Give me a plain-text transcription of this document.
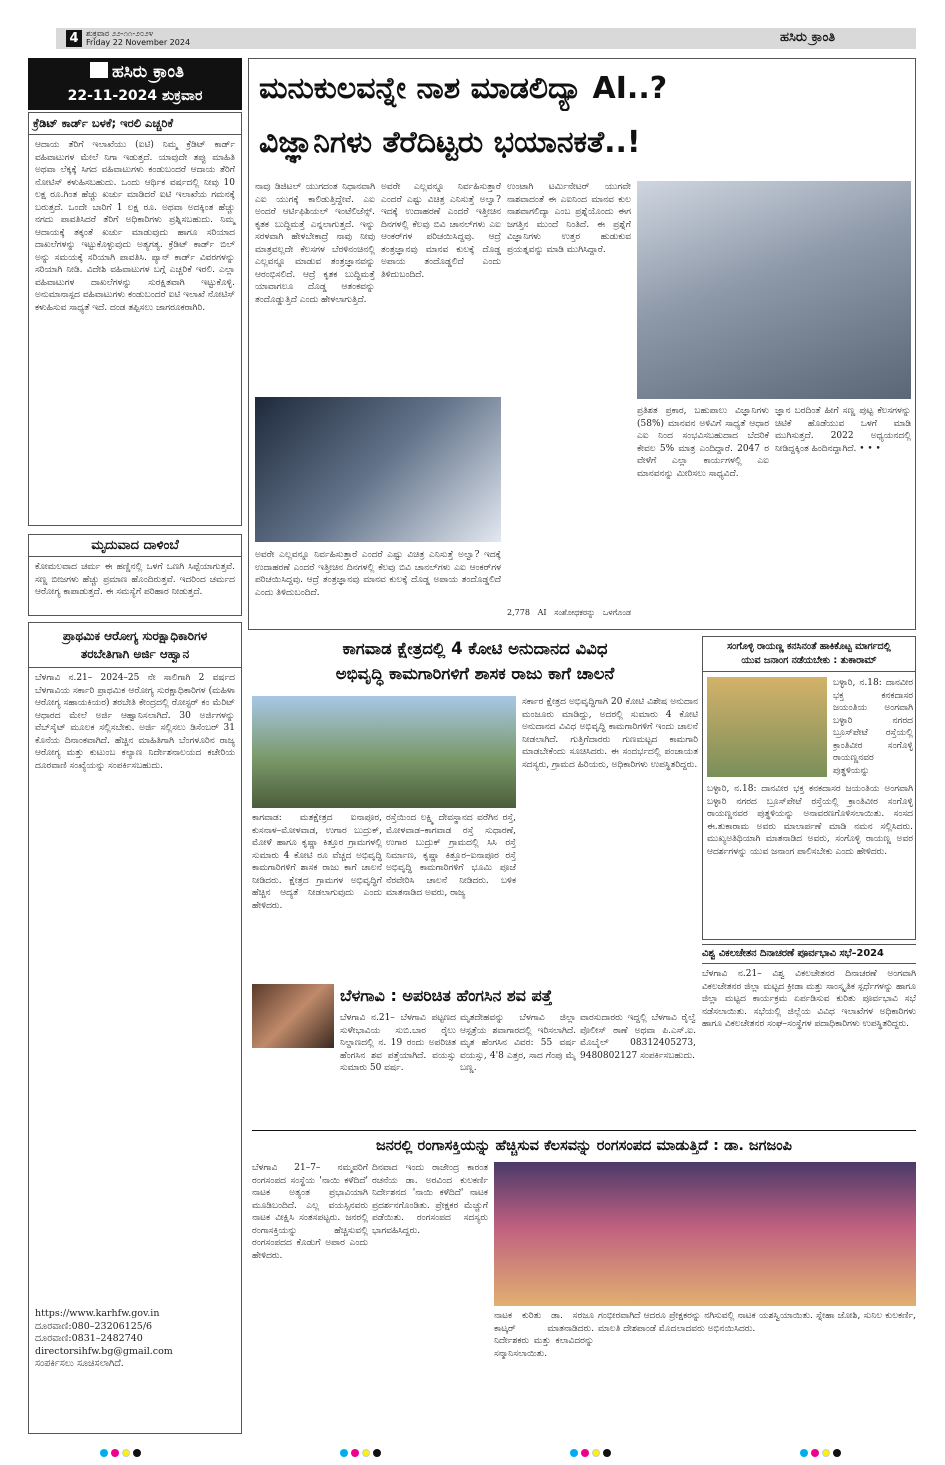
4 ಶುಕ್ರವಾರ ೨೨-೧೧-೨೦೨೪
Friday 22 November 2024	ಹಸಿರು ಕ್ರಾಂತಿ
ಹಸಿರು ಕ್ರಾಂತಿ
22-11-2024 ಶುಕ್ರವಾರ
ಕ್ರೆಡಿಟ್ ಕಾರ್ಡ್ ಬಳಕೆ; ಇರಲಿ ಎಚ್ಚರಿಕೆ
ಆದಾಯ ತೆರಿಗೆ ಇಲಾಖೆಯು (ಐಟಿ) ನಿಮ್ಮ ಕ್ರೆಡಿಟ್ ಕಾರ್ಡ್ ವಹಿವಾಟುಗಳ ಮೇಲೆ ನಿಗಾ ಇಡುತ್ತದೆ. ಯಾವುದೇ ತಪ್ಪು ಮಾಹಿತಿ ಅಥವಾ ಲೆಕ್ಕಕ್ಕೆ ಸಿಗದ ವಹಿವಾಟುಗಳು ಕಂಡುಬಂದರೆ ಆದಾಯ ತೆರಿಗೆ ನೋಟಿಸ್ ಕಳುಹಿಸಬಹುದು. ಒಂದು ಆರ್ಥಿಕ ವರ್ಷದಲ್ಲಿ ನೀವು 10 ಲಕ್ಷ ರೂ.ಗಿಂತ ಹೆಚ್ಚು ಖರ್ಚು ಮಾಡಿದರೆ ಐಟಿ ಇಲಾಖೆಯ ಗಮನಕ್ಕೆ ಬರುತ್ತದೆ. ಒಂದೇ ಬಾರಿಗೆ 1 ಲಕ್ಷ ರೂ. ಅಥವಾ ಅದಕ್ಕಿಂತ ಹೆಚ್ಚು ನಗದು ಪಾವತಿಸಿದರೆ ತೆರಿಗೆ ಅಧಿಕಾರಿಗಳು ಪ್ರಶ್ನಿಸಬಹುದು. ನಿಮ್ಮ ಆದಾಯಕ್ಕೆ ತಕ್ಕಂತೆ ಖರ್ಚು ಮಾಡುವುದು ಹಾಗೂ ಸರಿಯಾದ ದಾಖಲೆಗಳನ್ನು ಇಟ್ಟುಕೊಳ್ಳುವುದು ಅತ್ಯಗತ್ಯ. ಕ್ರೆಡಿಟ್ ಕಾರ್ಡ್ ಬಿಲ್ ಅನ್ನು ಸಮಯಕ್ಕೆ ಸರಿಯಾಗಿ ಪಾವತಿಸಿ. ಪ್ಯಾನ್ ಕಾರ್ಡ್ ವಿವರಗಳನ್ನು ಸರಿಯಾಗಿ ನೀಡಿ. ವಿದೇಶಿ ವಹಿವಾಟುಗಳ ಬಗ್ಗೆ ಎಚ್ಚರಿಕೆ ಇರಲಿ. ಎಲ್ಲಾ ವಹಿವಾಟುಗಳ ದಾಖಲೆಗಳನ್ನು ಸುರಕ್ಷಿತವಾಗಿ ಇಟ್ಟುಕೊಳ್ಳಿ. ಅನುಮಾನಾಸ್ಪದ ವಹಿವಾಟುಗಳು ಕಂಡುಬಂದರೆ ಐಟಿ ಇಲಾಖೆ ನೋಟಿಸ್ ಕಳುಹಿಸುವ ಸಾಧ್ಯತೆ ಇದೆ. ದಂಡ ತಪ್ಪಿಸಲು ಜಾಗರೂಕರಾಗಿರಿ.
ಮೃದುವಾದ ದಾಳಿಂಬೆ
ಕೋಮಲವಾದ ಚರ್ಮ ಈ ಹಣ್ಣಿನಲ್ಲಿ ಒಳಗೆ ಒಣಗಿ ಸಿಪ್ಪೆಯಾಗುತ್ತವೆ. ಸಣ್ಣ ಬೀಜಗಳು ಹೆಚ್ಚು ಪ್ರಮಾಣ ಹೊಂದಿರುತ್ತವೆ. ಇದರಿಂದ ಚರ್ಮದ ಆರೋಗ್ಯ ಕಾಪಾಡುತ್ತದೆ. ಈ ಸಮಸ್ಯೆಗೆ ಪರಿಹಾರ ನೀಡುತ್ತದೆ.
ಪ್ರಾಥಮಿಕ ಆರೋಗ್ಯ ಸುರಕ್ಷಾಧಿಕಾರಿಗಳ
ತರಬೇತಿಗಾಗಿ ಅರ್ಜಿ ಆಹ್ವಾನ
ಬೆಳಗಾವಿ ನ.21– 2024–25 ನೇ ಸಾಲಿಗಾಗಿ 2 ವರ್ಷದ ಬೆಳಗಾವಿಯ ಸರ್ಕಾರಿ ಪ್ರಾಥಮಿಕ ಆರೋಗ್ಯ ಸುರಕ್ಷಾಧಿಕಾರಿಗಳ (ಮಹಿಳಾ ಆರೋಗ್ಯ ಸಹಾಯಕಿಯರ) ತರಬೇತಿ ಕೇಂದ್ರದಲ್ಲಿ ರೋಸ್ಟರ್ ಕಂ ಮೆರಿಟ್ ಆಧಾರದ ಮೇಲೆ ಅರ್ಜಿ ಆಹ್ವಾನಿಸಲಾಗಿದೆ. 30 ಅರ್ಜಿಗಳನ್ನು ವೆಬ್‌ಸೈಟ್ ಮೂಲಕ ಸಲ್ಲಿಸಬೇಕು. ಅರ್ಜಿ ಸಲ್ಲಿಸಲು ಡಿಸೆಂಬರ್ 31 ಕೊನೆಯ ದಿನಾಂಕವಾಗಿದೆ. ಹೆಚ್ಚಿನ ಮಾಹಿತಿಗಾಗಿ ಬೆಂಗಳೂರಿನ ರಾಜ್ಯ ಆರೋಗ್ಯ ಮತ್ತು ಕುಟುಂಬ ಕಲ್ಯಾಣ ನಿರ್ದೇಶನಾಲಯದ ಕಚೇರಿಯ ದೂರವಾಣಿ ಸಂಖ್ಯೆಯನ್ನು ಸಂಪರ್ಕಿಸಬಹುದು.
https://www.karhfw.gov.in
ದೂರವಾಣಿ:080–23206125/6
ದೂರವಾಣಿ:0831–2482740
directorsihfw.bg@gmail.com
ಸಂಪರ್ಕಿಸಲು ಸೂಚಿಸಲಾಗಿದೆ.
ಮನುಕುಲವನ್ನೇ ನಾಶ ಮಾಡಲಿದ್ಯಾ AI..?
ವಿಜ್ಞಾನಿಗಳು ತೆರೆದಿಟ್ಟರು ಭಯಾನಕತೆ..!
ನಾವು ಡಿಜಿಟಲ್ ಯುಗದಂತ ನಿಧಾನವಾಗಿ ಎಐ ಯುಗಕ್ಕೆ ಕಾಲಿಡುತ್ತಿದ್ದೇವೆ. ಎಐ ಅಂದರೆ ಆರ್ಟಿಫಿಶಿಯಲ್ ಇಂಟೆಲಿಜೆನ್ಸ್. ಕೃತಕ ಬುದ್ಧಿಮತ್ತೆ ಎನ್ನಲಾಗುತ್ತದೆ. ಇನ್ನು ಸರಳವಾಗಿ ಹೇಳಬೇಕಾದ್ರೆ ನಾವು ನೀವು ಮಾತ್ರವಲ್ಲದೇ ಕೆಲಸಗಳ ಬೆರಳಿನಂಚಿನಲ್ಲಿ ಎಲ್ಲವನ್ನೂ ಮಾಡುವ ತಂತ್ರಜ್ಞಾನವನ್ನು ಆರಂಭಿಸಲಿದೆ. ಆದ್ರೆ ಕೃತಕ ಬುದ್ಧಿಮತ್ತೆ ಯಾವಾಗಲೂ ದೊಡ್ಡ ಆತಂಕವನ್ನು ತಂದೊಡ್ಡುತ್ತಿದೆ ಎಂದು ಹೇಳಲಾಗುತ್ತಿದೆ.
ಅವರೇ ಎಲ್ಲವನ್ನೂ ನಿರ್ವಹಿಸುತ್ತಾರೆ ಎಂದರೆ ಎಷ್ಟು ವಿಚಿತ್ರ ಎನಿಸುತ್ತೆ ಅಲ್ವಾ? ಇದಕ್ಕೆ ಉದಾಹರಣೆ ಎಂದರೆ ಇತ್ತೀಚಿನ ದಿನಗಳಲ್ಲಿ ಕೆಲವು ಬಿವಿ ಚಾನಲ್‌ಗಳು ಎಐ ಆಂಕರ್‌ಗಳ ಪರಿಚಯಿಸಿದ್ದವು. ಆದ್ರೆ ತಂತ್ರಜ್ಞಾನವು ಮಾನವ ಕುಲಕ್ಕೆ ದೊಡ್ಡ ಅಪಾಯ ತಂದೊಡ್ಡಲಿದೆ ಎಂದು ತಿಳಿದುಬಂದಿದೆ.
ಉಂಟಾಗಿ ಟರ್ಮಿನೇಟರ್ ಯುಗವೇ ನಾಶವಾದಂತೆ ಈ ಎಐನಿಂದ ಮಾನವ ಕುಲ ನಾಶವಾಗಲಿದ್ಯಾ ಎಂಬ ಪ್ರಶ್ನೆಯೊಂದು ಈಗ ಜಗತ್ತಿನ ಮುಂದೆ ನಿಂತಿದೆ. ಈ ಪ್ರಶ್ನೆಗೆ ವಿಜ್ಞಾನಿಗಳು ಉತ್ತರ ಹುಡುಕುವ ಪ್ರಯತ್ನವನ್ನು ಮಾಡಿ ಮುಗಿಸಿದ್ದಾರೆ.
ಪ್ರತಿಶತ ಪ್ರಕಾರ, ಬಹುಪಾಲು ವಿಜ್ಞಾನಿಗಳು (58%) ಮಾನವನ ಅಳಿವಿಗೆ ಸಾಧ್ಯತೆ ಆಧಾರ ಎಐ ನಿಂದ ಸಂಭವಿಸಬಹುದಾದ ಬೆದರಿಕೆ ಕೇವಲ 5% ಮಾತ್ರ ಎಂದಿದ್ದಾರೆ. 2047 ರ ವೇಳೆಗೆ ಎಲ್ಲಾ ಕಾರ್ಯಗಳಲ್ಲಿ ಎಐ ಮಾನವನನ್ನು ಮೀರಿಸಲು ಸಾಧ್ಯವಿದೆ.
ಜ್ಞಾನ ಬರದಿಂತೆ ಹೀಗೆ ಸಣ್ಣ ಪುಟ್ಟ ಕೆಲಸಗಳನ್ನು ಚಿಟಿಕೆ ಹೊಡೆಯುವ ಒಳಗೆ ಮಾಡಿ ಮುಗಿಸುತ್ತದೆ. 2022 ಅಧ್ಯಯನದಲ್ಲಿ ನೀಡಿದ್ದಕ್ಕಿಂತ ಹಿಂದಿನದ್ದಾಗಿದೆ. • • •
ಅವರೇ ಎಲ್ಲವನ್ನೂ ನಿರ್ವಹಿಸುತ್ತಾರೆ ಎಂದರೆ ಎಷ್ಟು ವಿಚಿತ್ರ ಎನಿಸುತ್ತೆ ಅಲ್ವಾ? ಇದಕ್ಕೆ ಉದಾಹರಣೆ ಎಂದರೆ ಇತ್ತೀಚಿನ ದಿನಗಳಲ್ಲಿ ಕೆಲವು ಬಿವಿ ಚಾನಲ್‌ಗಳು ಎಐ ಆಂಕರ್‌ಗಳ ಪರಿಚಯಿಸಿದ್ದವು. ಆದ್ರೆ ತಂತ್ರಜ್ಞಾನವು ಮಾನವ ಕುಲಕ್ಕೆ ದೊಡ್ಡ ಅಪಾಯ ತಂದೊಡ್ಡಲಿದೆ ಎಂದು ತಿಳಿದುಬಂದಿದೆ.
2,778 AI ಸಂಶೋಧಕರನ್ನು ಒಳಗೊಂಡ
ಕಾಗವಾಡ ಕ್ಷೇತ್ರದಲ್ಲಿ 4 ಕೋಟಿ ಅನುದಾನದ ವಿವಿಧ
ಅಭಿವೃದ್ಧಿ ಕಾಮಗಾರಿಗಳಿಗೆ ಶಾಸಕ ರಾಜು ಕಾಗೆ ಚಾಲನೆ
ಕಾಗವಾಡ: ಮತಕ್ಷೇತ್ರದ ಐನಾಪೂರ, ಕುಸನಾಳ–ಮೋಳವಾಡ, ಉಗಾರ ಬುದ್ರುಕ್, ಮೋಳೆ ಹಾಗೂ ಕೃಷ್ಣಾ ಕಿತ್ತೂರ ಗ್ರಾಮಗಳಲ್ಲಿ ಸುಮಾರು 4 ಕೋಟಿ ರೂ ವೆಚ್ಚದ ಅಭಿವೃದ್ಧಿ ಕಾಮಗಾರಿಗಳಿಗೆ ಶಾಸಕ ರಾಜು ಕಾಗೆ ಚಾಲನೆ ನೀಡಿದರು. ಕ್ಷೇತ್ರದ ಗ್ರಾಮಗಳ ಅಭಿವೃದ್ಧಿಗೆ ಹೆಚ್ಚಿನ ಆದ್ಯತೆ ನೀಡಲಾಗುವುದು ಎಂದು ಹೇಳಿದರು.
ರಸ್ತೆಯಿಂದ ಲಕ್ಷ್ಮಿ ದೇವಸ್ಥಾನದ ವರೆಗಿನ ರಸ್ತೆ, ಮೋಳವಾಡ–ಕಾಗವಾಡ ರಸ್ತೆ ಸುಧಾರಣೆ, ಉಗಾರ ಬುದ್ರುಕ್ ಗ್ರಾಮದಲ್ಲಿ ಸಿಸಿ ರಸ್ತೆ ನಿರ್ಮಾಣ, ಕೃಷ್ಣಾ ಕಿತ್ತೂರ–ಐನಾಪೂರ ರಸ್ತೆ ಅಭಿವೃದ್ಧಿ ಕಾಮಗಾರಿಗಳಿಗೆ ಭೂಮಿ ಪೂಜೆ ನೆರವೇರಿಸಿ ಚಾಲನೆ ನೀಡಿದರು. ಬಳಿಕ ಮಾತನಾಡಿದ ಅವರು, ರಾಜ್ಯ
ಸರ್ಕಾರ ಕ್ಷೇತ್ರದ ಅಭಿವೃದ್ಧಿಗಾಗಿ 20 ಕೋಟಿ ವಿಶೇಷ ಅನುದಾನ ಮಂಜೂರು ಮಾಡಿದ್ದು, ಅದರಲ್ಲಿ ಸುಮಾರು 4 ಕೋಟಿ ಅನುದಾನದ ವಿವಿಧ ಅಭಿವೃದ್ಧಿ ಕಾಮಗಾರಿಗಳಿಗೆ ಇಂದು ಚಾಲನೆ ನೀಡಲಾಗಿದೆ. ಗುತ್ತಿಗೆದಾರರು ಗುಣಮಟ್ಟದ ಕಾಮಗಾರಿ ಮಾಡಬೇಕೆಂದು ಸೂಚಿಸಿದರು. ಈ ಸಂದರ್ಭದಲ್ಲಿ ಪಂಚಾಯತ ಸದಸ್ಯರು, ಗ್ರಾಮದ ಹಿರಿಯರು, ಅಧಿಕಾರಿಗಳು ಉಪಸ್ಥಿತರಿದ್ದರು.
ಸಂಗೊಳ್ಳಿ ರಾಯಣ್ಣ ಕನಸಿನಂತೆ ಹಾಕಿಕೊಟ್ಟ ಮಾರ್ಗದಲ್ಲಿ
ಯುವ ಜನಾಂಗ ನಡೆಯಬೇಕು : ತುಕಾರಾಮ್
ಬಳ್ಳಾರಿ, ನ.18: ದಾನವೀರ ಭಕ್ತ ಕನಕದಾಸರ ಜಯಂತಿಯ ಅಂಗವಾಗಿ ಬಳ್ಳಾರಿ ನಗರದ ಬ್ರೂಸ್‌ಪೇಟೆ ರಸ್ತೆಯಲ್ಲಿ ಕ್ರಾಂತಿವೀರ ಸಂಗೊಳ್ಳಿ ರಾಯಣ್ಣನವರ ಪುತ್ಥಳಿಯನ್ನು
ಬಳ್ಳಾರಿ, ನ.18: ದಾನವೀರ ಭಕ್ತ ಕನಕದಾಸರ ಜಯಂತಿಯ ಅಂಗವಾಗಿ ಬಳ್ಳಾರಿ ನಗರದ ಬ್ರೂಸ್‌ಪೇಟೆ ರಸ್ತೆಯಲ್ಲಿ ಕ್ರಾಂತಿವೀರ ಸಂಗೊಳ್ಳಿ ರಾಯಣ್ಣನವರ ಪುತ್ಥಳಿಯನ್ನು ಅನಾವರಣಗೊಳಿಸಲಾಯಿತು. ಸಂಸದ ಈ.ತುಕಾರಾಮ ಅವರು ಮಾಲಾರ್ಪಣೆ ಮಾಡಿ ನಮನ ಸಲ್ಲಿಸಿದರು. ಮುಖ್ಯಅತಿಥಿಯಾಗಿ ಮಾತನಾಡಿದ ಅವರು, ಸಂಗೊಳ್ಳಿ ರಾಯಣ್ಣ ಅವರ ಆದರ್ಶಗಳನ್ನು ಯುವ ಜನಾಂಗ ಪಾಲಿಸಬೇಕು ಎಂದು ಹೇಳಿದರು.
ವಿಶ್ವ ವಿಕಲಚೇತನ ದಿನಾಚರಣೆ ಪೂರ್ವಭಾವಿ ಸಭೆ–2024
ಬೆಳಗಾವಿ ನ.21– ವಿಶ್ವ ವಿಕಲಚೇತನರ ದಿನಾಚರಣೆ ಅಂಗವಾಗಿ ವಿಕಲಚೇತನರ ಜಿಲ್ಲಾ ಮಟ್ಟದ ಕ್ರೀಡಾ ಮತ್ತು ಸಾಂಸ್ಕೃತಿಕ ಸ್ಪರ್ಧೆಗಳನ್ನು ಹಾಗೂ ಜಿಲ್ಲಾ ಮಟ್ಟದ ಕಾರ್ಯಕ್ರಮ ಏರ್ಪಡಿಸುವ ಕುರಿತು ಪೂರ್ವಭಾವಿ ಸಭೆ ನಡೆಸಲಾಯಿತು. ಸಭೆಯಲ್ಲಿ ಜಿಲ್ಲೆಯ ವಿವಿಧ ಇಲಾಖೆಗಳ ಅಧಿಕಾರಿಗಳು ಹಾಗೂ ವಿಕಲಚೇತನರ ಸಂಘ–ಸಂಸ್ಥೆಗಳ ಪದಾಧಿಕಾರಿಗಳು ಉಪಸ್ಥಿತರಿದ್ದರು.
ಬೆಳಗಾವಿ : ಅಪರಿಚಿತ ಹೆಂಗಸಿನ ಶವ ಪತ್ತೆ
ಬೆಳಗಾವಿ ನ.21– ಬೆಳಗಾವಿ ಪಟ್ಟಣದ ಸುಳೇಭಾವಿಯ ಸುಬಿ.ಬಾರ ರೈಲು ನಿಲ್ದಾಣದಲ್ಲಿ ನ. 19 ರಂದು ಅಪರಿಚಿತ ಹೆಂಗಸಿನ ಶವ ಪತ್ತೆಯಾಗಿದೆ. ವಯಸ್ಸು ಸುಮಾರು 50 ವರ್ಷ.
ಮೃತದೇಹವನ್ನು ಬೆಳಗಾವಿ ಜಿಲ್ಲಾ ಆಸ್ಪತ್ರೆಯ ಶವಾಗಾರದಲ್ಲಿ ಇರಿಸಲಾಗಿದೆ. ಮೃತ ಹೆಂಗಸಿನ ವಿವರ: 55 ವರ್ಷ ವಯಸ್ಸು, 4'8 ಎತ್ತರ, ಸಾದ ಗೆಂಪು ಮೈ ಬಣ್ಣ.
ವಾರಸುದಾರರು ಇದ್ದಲ್ಲಿ ಬೆಳಗಾವಿ ರೈಲ್ವೆ ಪೊಲೀಸ್ ಠಾಣೆ ಅಥವಾ ಪಿ.ಎಸ್.ಐ. ಮೊಬೈಲ್ 08312405273, 9480802127 ಸಂಪರ್ಕಿಸಬಹುದು.
ಜನರಲ್ಲಿ ರಂಗಾಸಕ್ತಿಯನ್ನು ಹೆಚ್ಚಿಸುವ ಕೆಲಸವನ್ನು ರಂಗಸಂಪದ ಮಾಡುತ್ತಿದೆ : ಡಾ. ಜಗಜಂಪಿ
ಬೆಳಗಾವಿ 21–7– ನಮ್ಮವರಿಗೆ ರಂಗಸಂಪದ ಸಂಸ್ಥೆಯ 'ನಾಯಿ ಕಳೆದಿದೆ' ನಾಟಕ ಅತ್ಯಂತ ಪ್ರಭಾವಿಯಾಗಿ ಮೂಡಿಬಂದಿದೆ. ಎಲ್ಲ ವಯಸ್ಸಿನವರು ನಾಟಕ ವೀಕ್ಷಿಸಿ ಸಂತಸಪಟ್ಟರು. ಜನರಲ್ಲಿ ರಂಗಾಸಕ್ತಿಯನ್ನು ಹೆಚ್ಚಿಸುವಲ್ಲಿ ರಂಗಸಂಪದದ ಕೊಡುಗೆ ಅಪಾರ ಎಂದು ಹೇಳಿದರು.
ದಿನವಾದ ಇಂದು ರಾಜೇಂದ್ರ ಕಾರಂತ ರಚನೆಯ ಡಾ. ಅರವಿಂದ ಕುಲಕರ್ಣಿ ನಿರ್ದೇಶನದ 'ನಾಯಿ ಕಳೆದಿದೆ' ನಾಟಕ ಪ್ರದರ್ಶನಗೊಂಡಿತು. ಪ್ರೇಕ್ಷಕರ ಮೆಚ್ಚುಗೆ ಪಡೆಯಿತು. ರಂಗಸಂಪದ ಸದಸ್ಯರು ಭಾಗವಹಿಸಿದ್ದರು.
ನಾಟಕ ಕುರಿತು ಡಾ. ಸರಜೂ ಕಾಟ್ಕರ್ ಮಾತನಾಡಿದರು. ನಿರ್ದೇಶಕರು ಮತ್ತು ಕಲಾವಿದರನ್ನು ಸನ್ಮಾನಿಸಲಾಯಿತು.
ಗಂಭೀರವಾಗಿದೆ ಆದರೂ ಪ್ರೇಕ್ಷಕರನ್ನು ನಗಿಸುವಲ್ಲಿ ನಾಟಕ ಯಶಸ್ವಿಯಾಯಿತು. ಸ್ನೇಹಾ ಜೋಶಿ, ಸುನಿಲ ಕುಲಕರ್ಣಿ, ಮಾಲತಿ ದೇಶಪಾಂಡೆ ಮೊದಲಾದವರು ಅಭಿನಯಿಸಿದರು.
